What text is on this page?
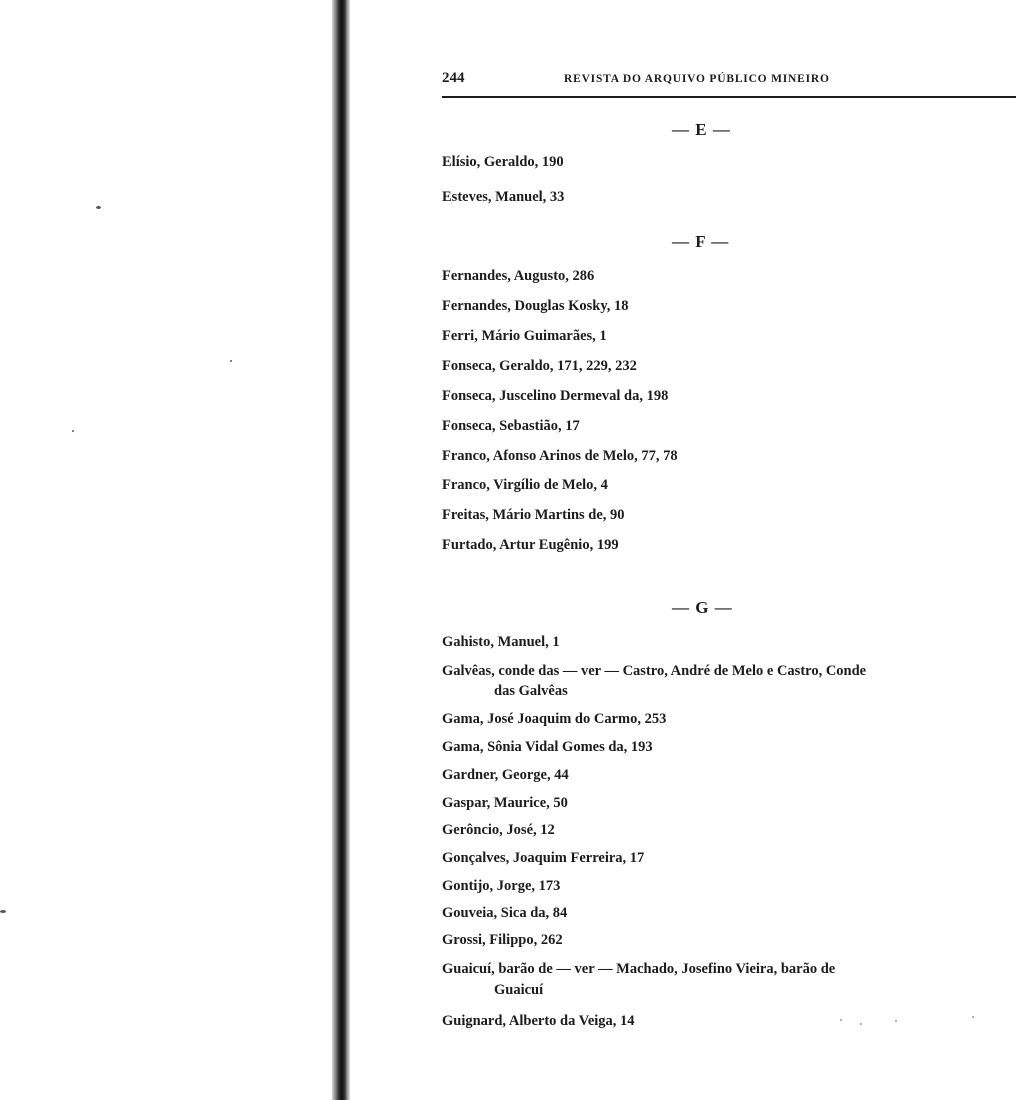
244	REVISTA DO ARQUIVO PÚBLICO MINEIRO
— E —
Elísio, Geraldo, 190
Esteves, Manuel, 33
— F —
Fernandes, Augusto, 286
Fernandes, Douglas Kosky, 18
Ferri, Mário Guimarães, 1
Fonseca, Geraldo, 171, 229, 232
Fonseca, Juscelino Dermeval da, 198
Fonseca, Sebastião, 17
Franco, Afonso Arinos de Melo, 77, 78
Franco, Virgílio de Melo, 4
Freitas, Mário Martins de, 90
Furtado, Artur Eugênio, 199
— G —
Gahisto, Manuel, 1
Galvêas, conde das — ver — Castro, André de Melo e Castro, Conde
das Galvêas
Gama, José Joaquim do Carmo, 253
Gama, Sônia Vidal Gomes da, 193
Gardner, George, 44
Gaspar, Maurice, 50
Gerôncio, José, 12
Gonçalves, Joaquim Ferreira, 17
Gontijo, Jorge, 173
Gouveia, Sica da, 84
Grossi, Filippo, 262
Guaicuí, barão de — ver — Machado, Josefino Vieira, barão de
Guaicuí
Guignard, Alberto da Veiga, 14
